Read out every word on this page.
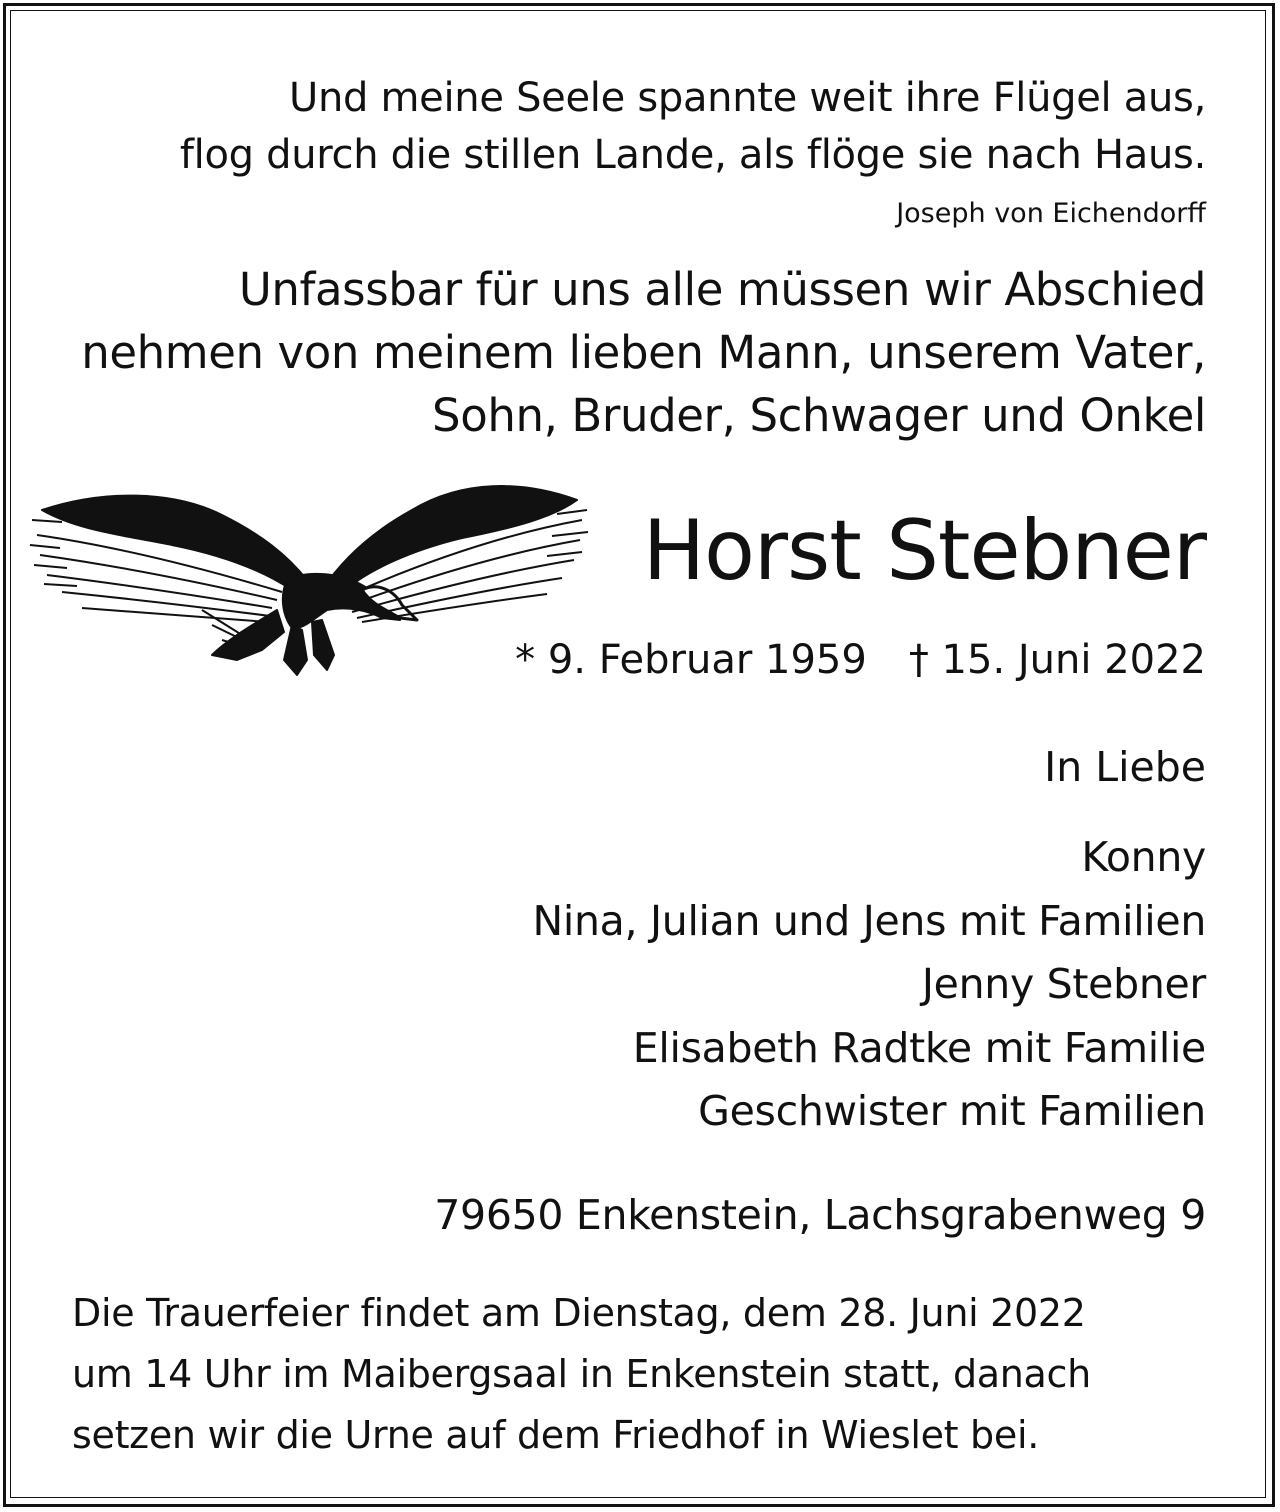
Und meine Seele spannte weit ihre Flügel aus,
flog durch die stillen Lande, als flöge sie nach Haus.
Joseph von Eichendorff
Unfassbar für uns alle müssen wir Abschied
nehmen von meinem lieben Mann, unserem Vater,
Sohn, Bruder, Schwager und Onkel
Horst Stebner
* 9. Februar 1959 † 15. Juni 2022
In Liebe
Konny
Nina, Julian und Jens mit Familien
Jenny Stebner
Elisabeth Radtke mit Familie
Geschwister mit Familien
79650 Enkenstein, Lachsgrabenweg 9
Die Trauerfeier findet am Dienstag, dem 28. Juni 2022
um 14 Uhr im Maibergsaal in Enkenstein statt, danach
setzen wir die Urne auf dem Friedhof in Wieslet bei.
